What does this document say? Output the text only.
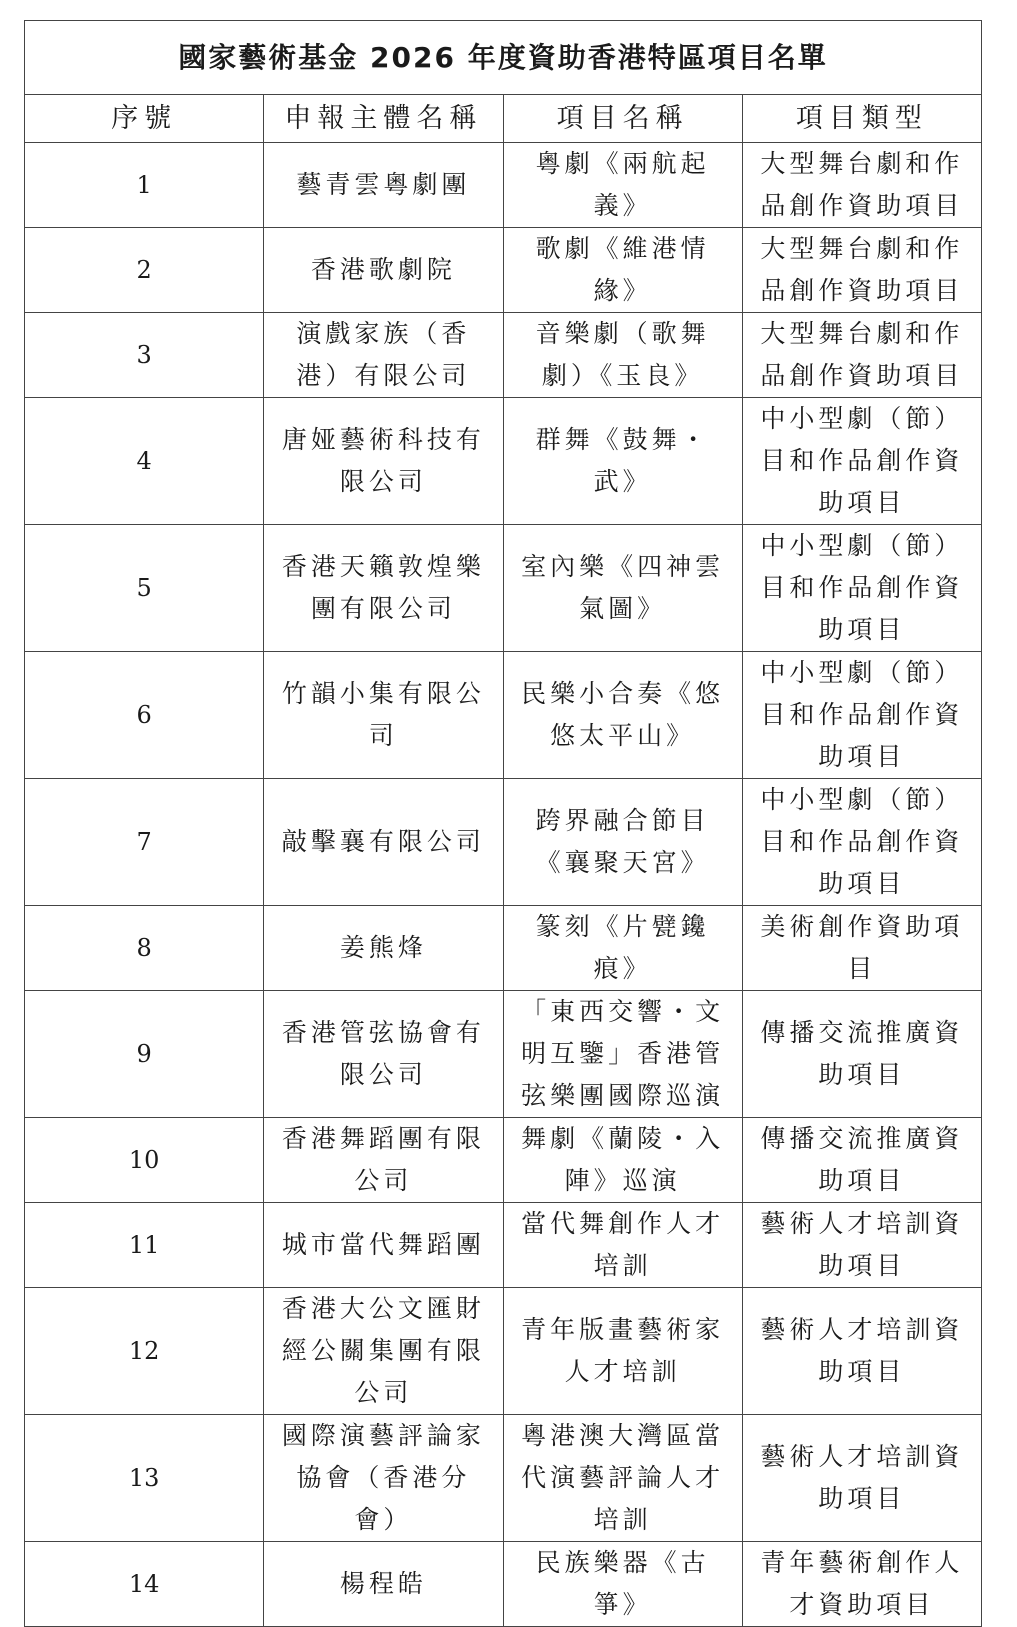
國家藝術基金 2026 年度資助香港特區項目名單			
序號	申報主體名稱	項目名稱	項目類型
1	藝青雲粵劇團	粵劇《兩航起義》	大型舞台劇和作品創作資助項目
2	香港歌劇院	歌劇《維港情緣》	大型舞台劇和作品創作資助項目
3	演戲家族（香港）有限公司	音樂劇（歌舞劇）《玉良》	大型舞台劇和作品創作資助項目
4	唐娅藝術科技有限公司	群舞《鼓舞・武》	中小型劇（節）目和作品創作資助項目
5	香港天籟敦煌樂團有限公司	室內樂《四神雲氣圖》	中小型劇（節）目和作品創作資助項目
6	竹韻小集有限公司	民樂小合奏《悠悠太平山》	中小型劇（節）目和作品創作資助項目
7	敲擊襄有限公司	跨界融合節目《襄聚天宮》	中小型劇（節）目和作品創作資助項目
8	姜熊烽	篆刻《片甓鑱痕》	美術創作資助項目
9	香港管弦協會有限公司	「東西交響・文明互鑒」香港管弦樂團國際巡演	傳播交流推廣資助項目
10	香港舞蹈團有限公司	舞劇《蘭陵・入陣》巡演	傳播交流推廣資助項目
11	城市當代舞蹈團	當代舞創作人才培訓	藝術人才培訓資助項目
12	香港大公文匯財經公關集團有限公司	青年版畫藝術家人才培訓	藝術人才培訓資助項目
13	國際演藝評論家協會（香港分會）	粵港澳大灣區當代演藝評論人才培訓	藝術人才培訓資助項目
14	楊程皓	民族樂器《古箏》	青年藝術創作人才資助項目
